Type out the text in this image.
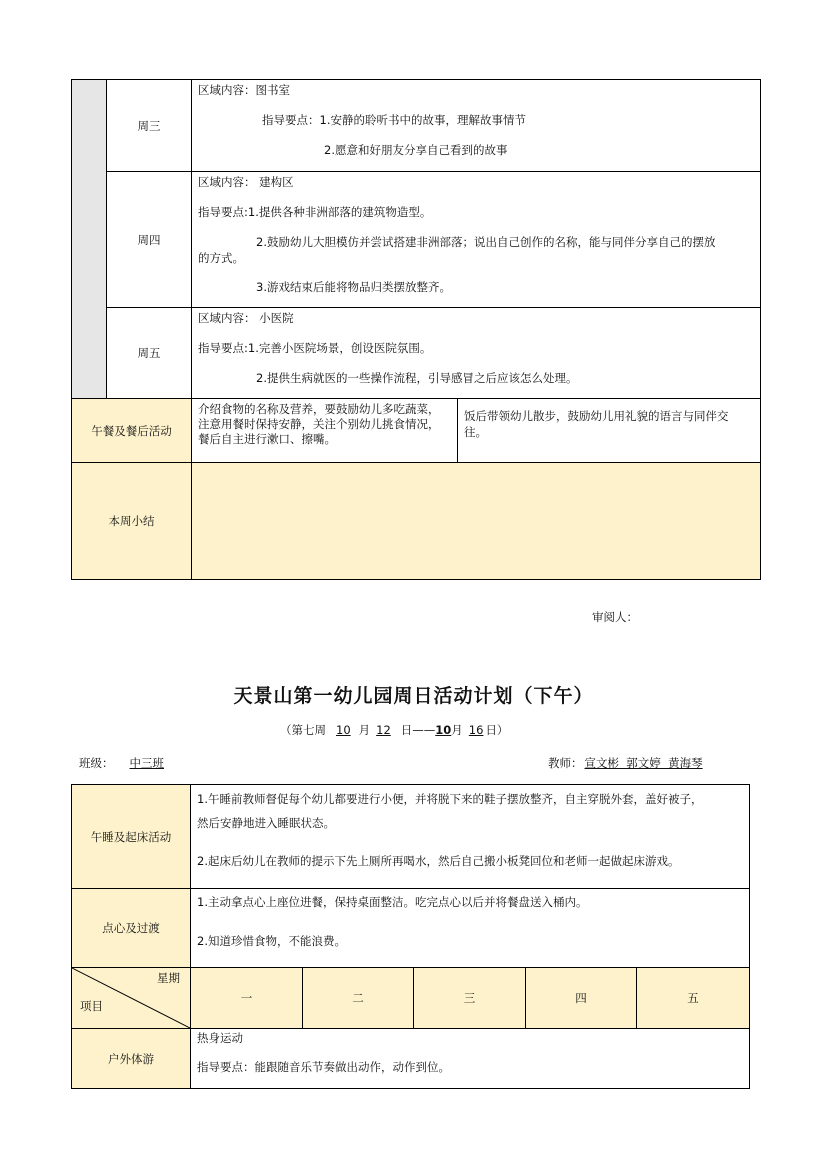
	周三	区域内容：图书室
指导要点：1.安静的聆听书中的故事，理解故事情节
2.愿意和好朋友分享自己看到的故事	

	周四	区域内容： 建构区
指导要点:1.提供各种非洲部落的建筑物造型。
2.鼓励幼儿大胆模仿并尝试搭建非洲部落；说出自己创作的名称，能与同伴分享自己的摆放
的方式。
3.游戏结束后能将物品归类摆放整齐。	

	周五	区域内容： 小医院
指导要点:1.完善小医院场景，创设医院氛围。
2.提供生病就医的一些操作流程，引导感冒之后应该怎么处理。	

午餐及餐后活动		介绍食物的名称及营养，要鼓励幼儿多吃蔬菜，
注意用餐时保持安静，关注个别幼儿挑食情况，
餐后自主进行漱口、擦嘴。	饭后带领幼儿散步，鼓励幼儿用礼貌的语言与同伴交
往。

本周小结			
审阅人：
天景山第一幼儿园周日活动计划（下午）
（第七周 10 月 12 日——10月 16 日）
班级： 中三班	教师： 宣文彬  郭文婷  黄海琴
午睡及起床活动	1.午睡前教师督促每个幼儿都要进行小便，并将脱下来的鞋子摆放整齐，自主穿脱外套，盖好被子，
然后安静地进入睡眠状态。
2.起床后幼儿在教师的提示下先上厕所再喝水，然后自己搬小板凳回位和老师一起做起床游戏。				

点心及过渡	1.主动拿点心上座位进餐，保持桌面整洁。吃完点心以后并将餐盘送入桶内。
2.知道珍惜食物，不能浪费。				

星期
项目	一	二	三	四	五
户外体游	热身运动
指导要点：能跟随音乐节奏做出动作，动作到位。				
